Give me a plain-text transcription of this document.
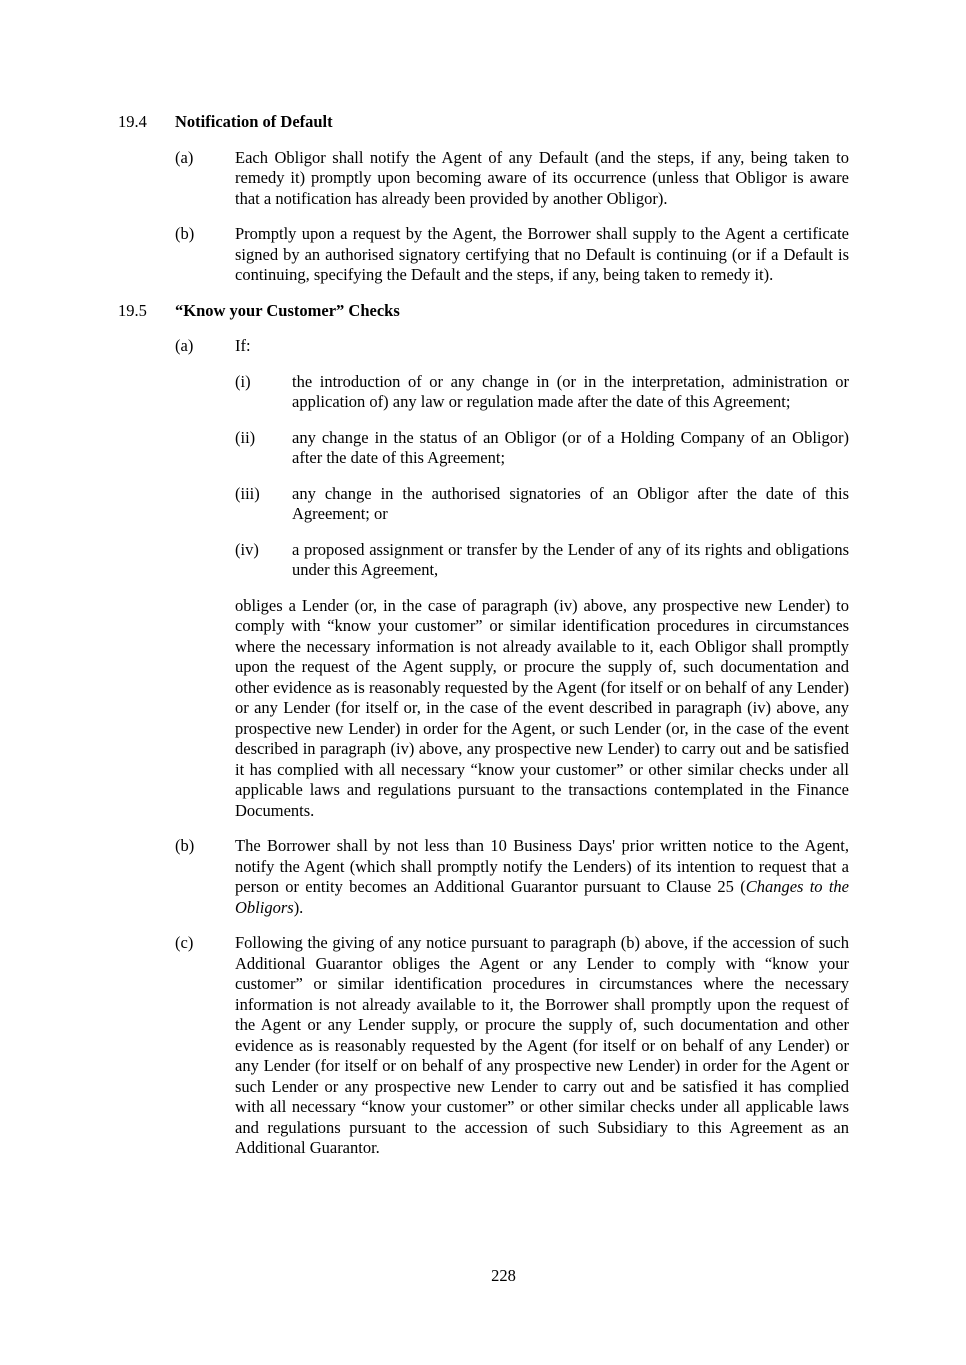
19.4	Notification of Default
(a)	Each Obligor shall notify the Agent of any Default (and the steps, if any, being taken to remedy it) promptly upon becoming aware of its occurrence (unless that Obligor is aware that a notification has already been provided by another Obligor).

(b)	Promptly upon a request by the Agent, the Borrower shall supply to the Agent a certificate signed by an authorised signatory certifying that no Default is continuing (or if a Default is continuing, specifying the Default and the steps, if any, being taken to remedy it).

19.5	“Know your Customer” Checks
(a)	If:

(i)	the introduction of or any change in (or in the interpretation, administration or application of) any law or regulation made after the date of this Agreement;

(ii)	any change in the status of an Obligor (or of a Holding Company of an Obligor) after the date of this Agreement;

(iii)	any change in the authorised signatories of an Obligor after the date of this Agreement; or

(iv)	a proposed assignment or transfer by the Lender of any of its rights and obligations under this Agreement,

obliges a Lender (or, in the case of paragraph (iv) above, any prospective new Lender) to comply with “know your customer” or similar identification procedures in circumstances where the necessary information is not already available to it, each Obligor shall promptly upon the request of the Agent supply, or procure the supply of, such documentation and other evidence as is reasonably requested by the Agent (for itself or on behalf of any Lender) or any Lender (for itself or, in the case of the event described in paragraph (iv) above, any prospective new Lender) in order for the Agent, or such Lender (or, in the case of the event described in paragraph (iv) above, any prospective new Lender) to carry out and be satisfied it has complied with all necessary “know your customer” or other similar checks under all applicable laws and regulations pursuant to the transactions contemplated in the Finance Documents.

(b)	The Borrower shall by not less than 10 Business Days' prior written notice to the Agent, notify the Agent (which shall promptly notify the Lenders) of its intention to request that a person or entity becomes an Additional Guarantor pursuant to Clause 25 (Changes to the Obligors).

(c)	Following the giving of any notice pursuant to paragraph (b) above, if the accession of such Additional Guarantor obliges the Agent or any Lender to comply with “know your customer” or similar identification procedures in circumstances where the necessary information is not already available to it, the Borrower shall promptly upon the request of the Agent or any Lender supply, or procure the supply of, such documentation and other evidence as is reasonably requested by the Agent (for itself or on behalf of any Lender) or any Lender (for itself or on behalf of any prospective new Lender) in order for the Agent or such Lender or any prospective new Lender to carry out and be satisfied it has complied with all necessary “know your customer” or other similar checks under all applicable laws and regulations pursuant to the accession of such Subsidiary to this Agreement as an Additional Guarantor.

228
